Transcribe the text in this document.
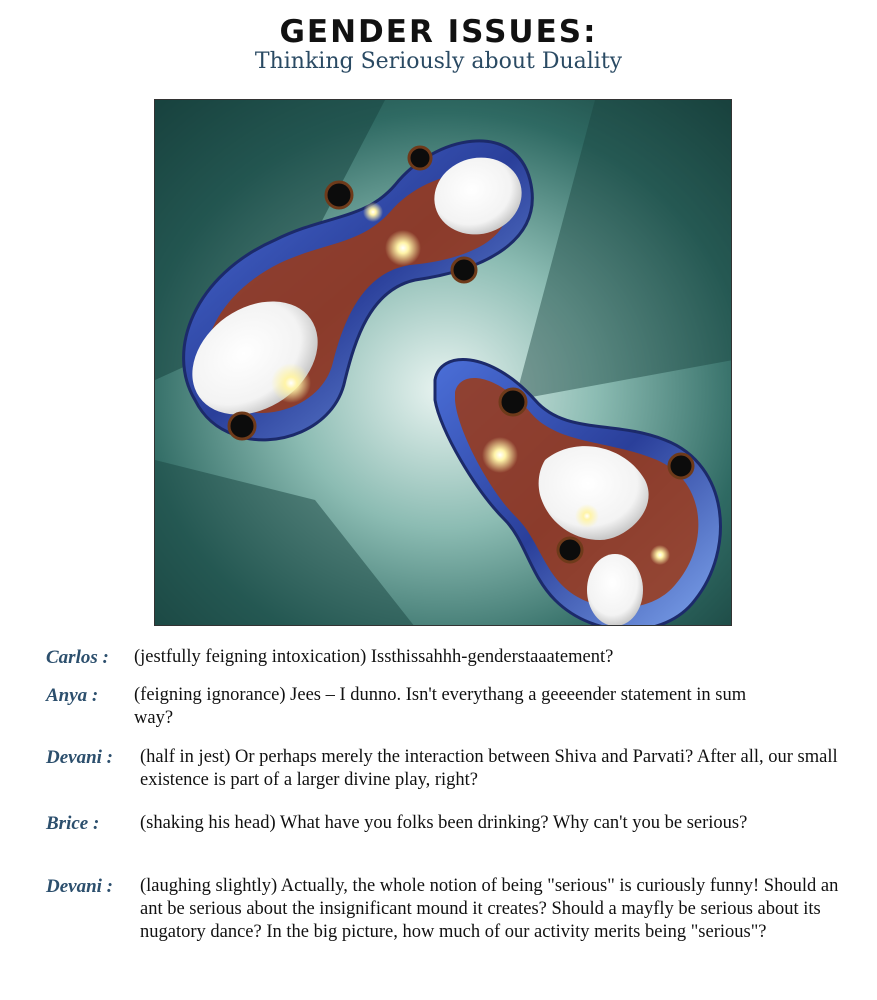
GENDER ISSUES:
Thinking Seriously about Duality
Carlos : (jestfully feigning intoxication) Issthissahhh-genderstaaatement?
Anya : (feigning ignorance) Jees – I dunno. Isn't everythang a geeeender statement in sum way?
Devani : (half in jest) Or perhaps merely the interaction between Shiva and Parvati? After all, our small existence is part of a larger divine play, right?
Brice : (shaking his head) What have you folks been drinking? Why can't you be serious?
Devani : (laughing slightly) Actually, the whole notion of being "serious" is curiously funny! Should an ant be serious about the insignificant mound it creates? Should a mayfly be serious about its nugatory dance? In the big picture, how much of our activity merits being "serious"?
